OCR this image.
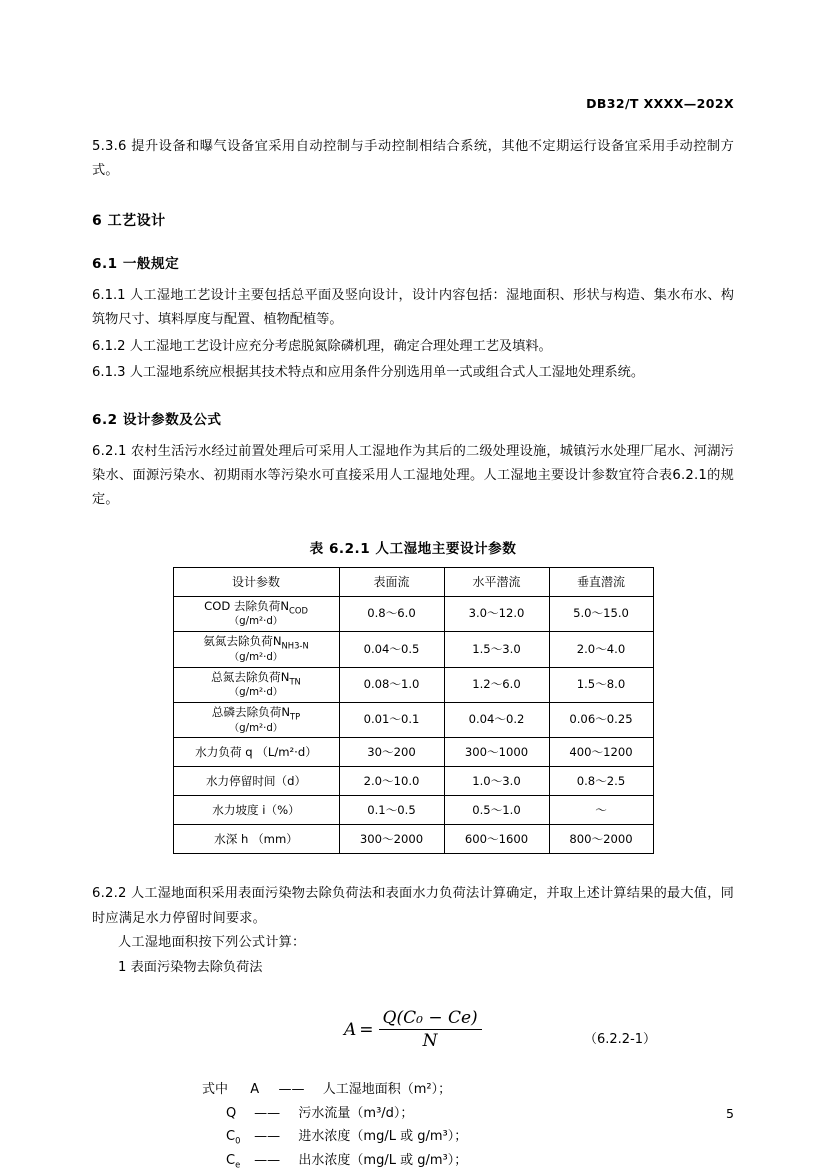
DB32/T XXXX—202X
5.3.6 提升设备和曝气设备宜采用自动控制与手动控制相结合系统，其他不定期运行设备宜采用手动控制方式。
6 工艺设计
6.1 一般规定
6.1.1 人工湿地工艺设计主要包括总平面及竖向设计，设计内容包括：湿地面积、形状与构造、集水布水、构筑物尺寸、填料厚度与配置、植物配植等。
6.1.2 人工湿地工艺设计应充分考虑脱氮除磷机理，确定合理处理工艺及填料。
6.1.3 人工湿地系统应根据其技术特点和应用条件分别选用单一式或组合式人工湿地处理系统。
6.2 设计参数及公式
6.2.1 农村生活污水经过前置处理后可采用人工湿地作为其后的二级处理设施，城镇污水处理厂尾水、河湖污染水、面源污染水、初期雨水等污染水可直接采用人工湿地处理。人工湿地主要设计参数宜符合表6.2.1的规定。
表 6.2.1 人工湿地主要设计参数
设计参数	表面流	水平潜流	垂直潜流
COD 去除负荷$N_{COD}$
（g/m²·d）	0.8～6.0	3.0～12.0	5.0～15.0
氨氮去除负荷$N_{NH3-N}$
（g/m²·d）	0.04～0.5	1.5～3.0	2.0～4.0
总氮去除负荷$N_{TN}$
（g/m²·d）	0.08～1.0	1.2～6.0	1.5～8.0
总磷去除负荷$N_{TP}$
（g/m²·d）	0.01～0.1	0.04～0.2	0.06～0.25
水力负荷 q （L/m²·d）	30～200	300～1000	400～1200
水力停留时间（d）	2.0～10.0	1.0～3.0	0.8～2.5
水力坡度 i（%）	0.1～0.5	0.5～1.0	～
水深 h （mm）	300～2000	600～1600	800～2000
6.2.2 人工湿地面积采用表面污染物去除负荷法和表面水力负荷法计算确定，并取上述计算结果的最大值，同时应满足水力停留时间要求。
人工湿地面积按下列公式计算：
1 表面污染物去除负荷法
$A = \frac{\text{Q(C₀ − Ce)}}{N}$	（6.2.2-1）
式中 A —— 人工湿地面积（m²）；
Q —— 污水流量（m³/d）；
$C_0$ —— 进水浓度（mg/L 或 g/m³）；
$C_e$ —— 出水浓度（mg/L 或 g/m³）；
5
